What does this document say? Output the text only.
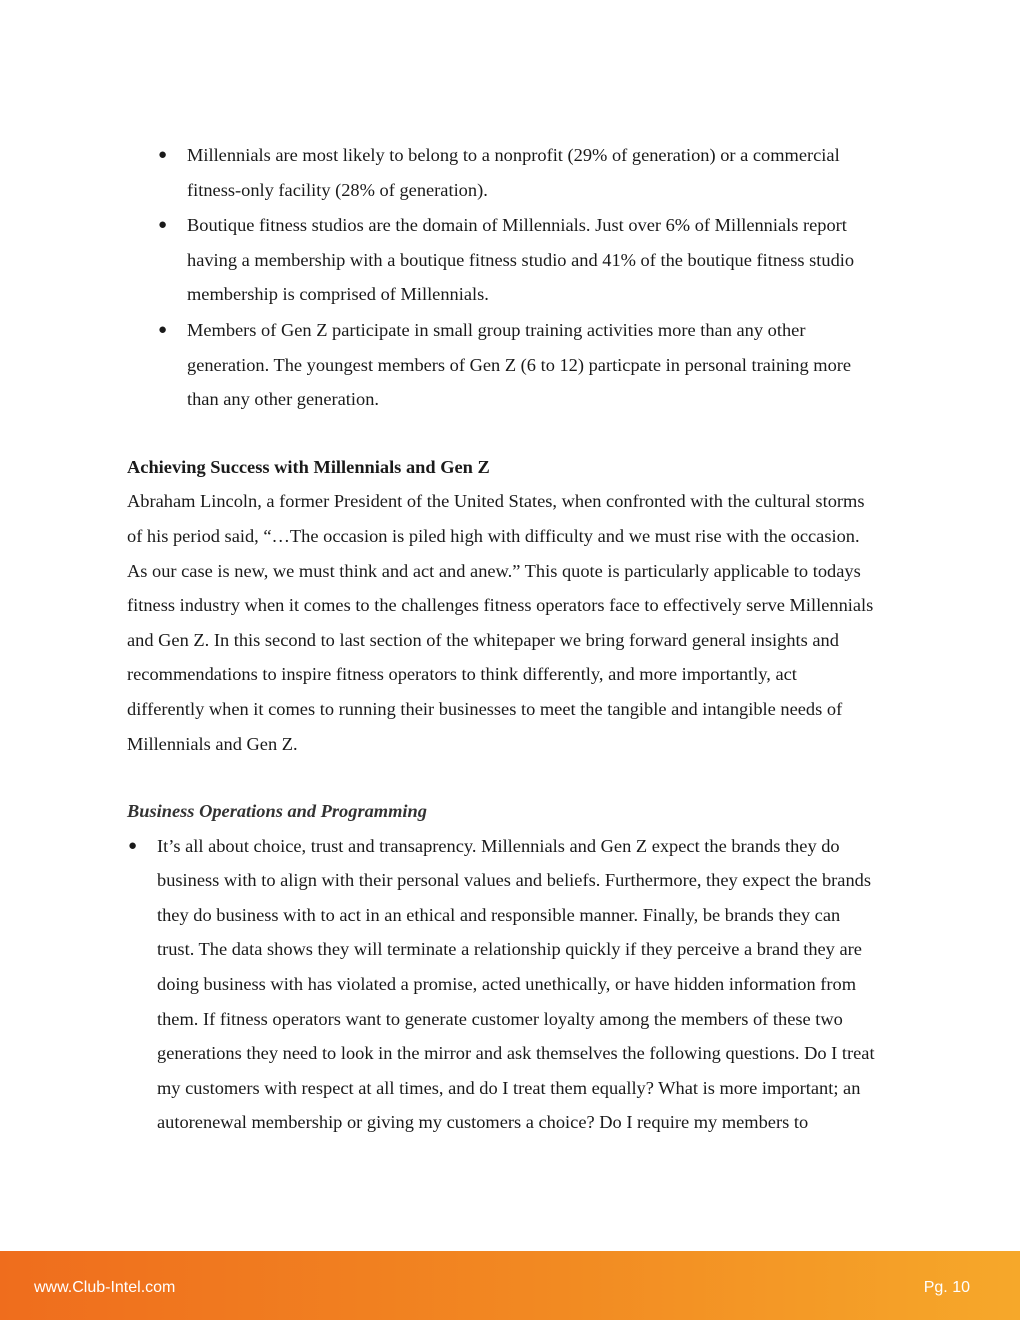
● Millennials are most likely to belong to a nonprofit (29% of generation) or a commercial fitness-only facility (28% of generation).
● Boutique fitness studios are the domain of Millennials. Just over 6% of Millennials report having a membership with a boutique fitness studio and 41% of the boutique fitness studio membership is comprised of Millennials.
● Members of Gen Z participate in small group training activities more than any other generation. The youngest members of Gen Z (6 to 12) particpate in personal training more than any other generation.
Achieving Success with Millennials and Gen Z

Abraham Lincoln, a former President of the United States, when confronted with the cultural storms of his period said, “…The occasion is piled high with difficulty and we must rise with the occasion. As our case is new, we must think and act and anew.” This quote is particularly applicable to todays fitness industry when it comes to the challenges fitness operators face to effectively serve Millennials and Gen Z. In this second to last section of the whitepaper we bring forward general insights and recommendations to inspire fitness operators to think differently, and more importantly, act differently when it comes to running their businesses to meet the tangible and intangible needs of Millennials and Gen Z.

Business Operations and Programming
● It’s all about choice, trust and transaprency. Millennials and Gen Z expect the brands they do business with to align with their personal values and beliefs. Furthermore, they expect the brands they do business with to act in an ethical and responsible manner. Finally, be brands they can trust. The data shows they will terminate a relationship quickly if they perceive a brand they are doing business with has violated a promise, acted unethically, or have hidden information from them. If fitness operators want to generate customer loyalty among the members of these two generations they need to look in the mirror and ask themselves the following questions. Do I treat my customers with respect at all times, and do I treat them equally? What is more important; an autorenewal membership or giving my customers a choice? Do I require my members to
www.Club-Intel.com	Pg. 10
